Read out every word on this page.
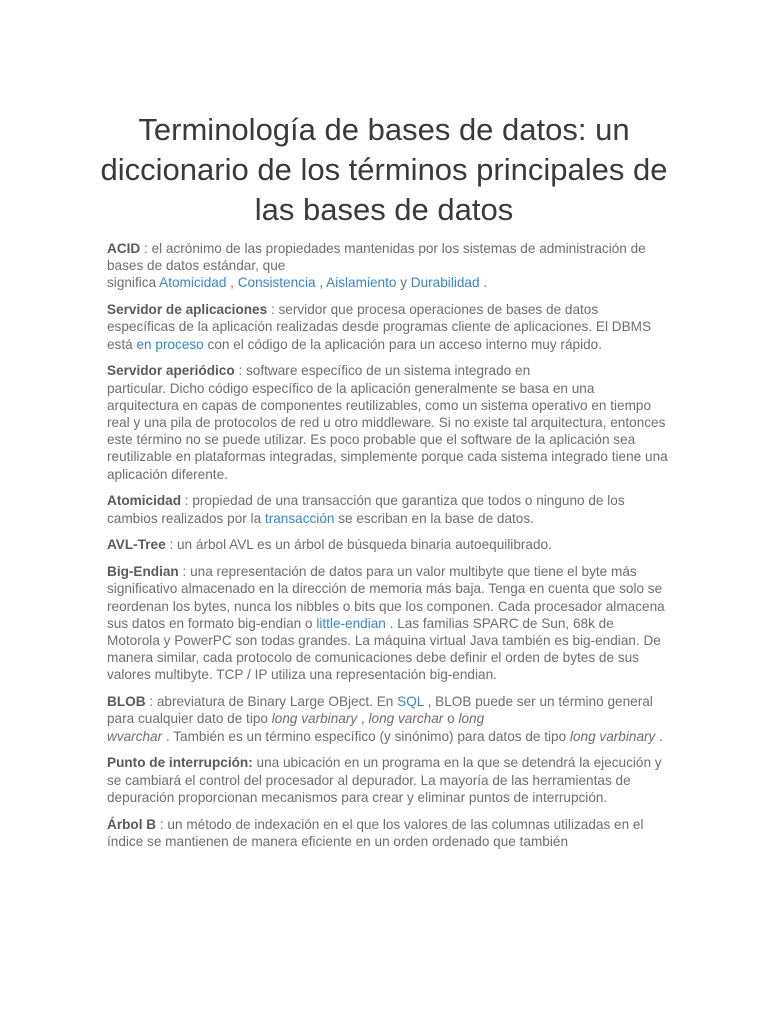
Terminología de bases de datos: un diccionario de los términos principales de las bases de datos

ACID : el acrónimo de las propiedades mantenidas por los sistemas de administración de bases de datos estándar, que
significa Atomicidad , Consistencia , Aislamiento y Durabilidad .

Servidor de aplicaciones : servidor que procesa operaciones de bases de datos específicas de la aplicación realizadas desde programas cliente de aplicaciones. El DBMS está en proceso con el código de la aplicación para un acceso interno muy rápido.

Servidor aperiódico : software específico de un sistema integrado en
particular. Dicho código específico de la aplicación generalmente se basa en una arquitectura en capas de componentes reutilizables, como un sistema operativo en tiempo real y una pila de protocolos de red u otro middleware. Si no existe tal arquitectura, entonces este término no se puede utilizar. Es poco probable que el software de la aplicación sea reutilizable en plataformas integradas, simplemente porque cada sistema integrado tiene una aplicación diferente.

Atomicidad : propiedad de una transacción que garantiza que todos o ninguno de los cambios realizados por la transacción se escriban en la base de datos.

AVL-Tree : un árbol AVL es un árbol de búsqueda binaria autoequilibrado.

Big-Endian : una representación de datos para un valor multibyte que tiene el byte más significativo almacenado en la dirección de memoria más baja. Tenga en cuenta que solo se reordenan los bytes, nunca los nibbles o bits que los componen. Cada procesador almacena sus datos en formato big-endian o little-endian . Las familias SPARC de Sun, 68k de Motorola y PowerPC son todas grandes. La máquina virtual Java también es big-endian. De manera similar, cada protocolo de comunicaciones debe definir el orden de bytes de sus valores multibyte. TCP / IP utiliza una representación big-endian.

BLOB : abreviatura de Binary Large OBject. En SQL , BLOB puede ser un término general para cualquier dato de tipo long varbinary , long varchar o long
wvarchar . También es un término específico (y sinónimo) para datos de tipo long varbinary .

Punto de interrupción: una ubicación en un programa en la que se detendrá la ejecución y se cambiará el control del procesador al depurador. La mayoría de las herramientas de depuración proporcionan mecanismos para crear y eliminar puntos de interrupción.

Árbol B : un método de indexación en el que los valores de las columnas utilizadas en el índice se mantienen de manera eficiente en un orden ordenado que también
